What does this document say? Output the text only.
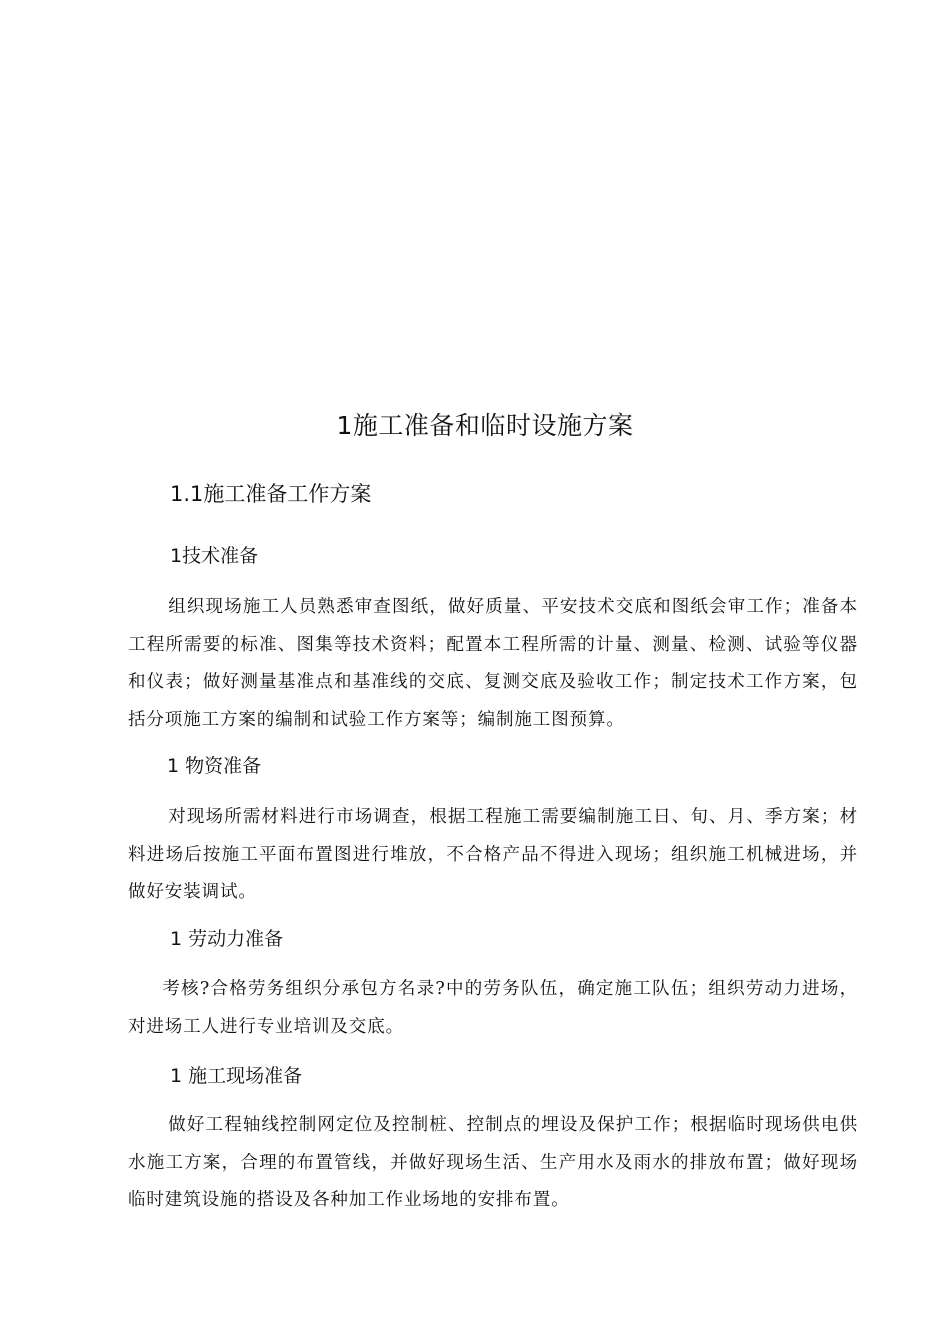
1施工准备和临时设施方案
1.1施工准备工作方案
1技术准备

组织现场施工人员熟悉审查图纸，做好质量、平安技术交底和图纸会审工作；准备本工程所需要的标准、图集等技术资料；配置本工程所需的计量、测量、检测、试验等仪器和仪表；做好测量基准点和基准线的交底、复测交底及验收工作；制定技术工作方案，包括分项施工方案的编制和试验工作方案等；编制施工图预算。

1 物资准备

对现场所需材料进行市场调查，根据工程施工需要编制施工日、旬、月、季方案；材料进场后按施工平面布置图进行堆放，不合格产品不得进入现场；组织施工机械进场，并做好安装调试。

1 劳动力准备

考核?合格劳务组织分承包方名录?中的劳务队伍，确定施工队伍；组织劳动力进场，对进场工人进行专业培训及交底。

1 施工现场准备

做好工程轴线控制网定位及控制桩、控制点的埋设及保护工作；根据临时现场供电供水施工方案，合理的布置管线，并做好现场生活、生产用水及雨水的排放布置；做好现场临时建筑设施的搭设及各种加工作业场地的安排布置。
